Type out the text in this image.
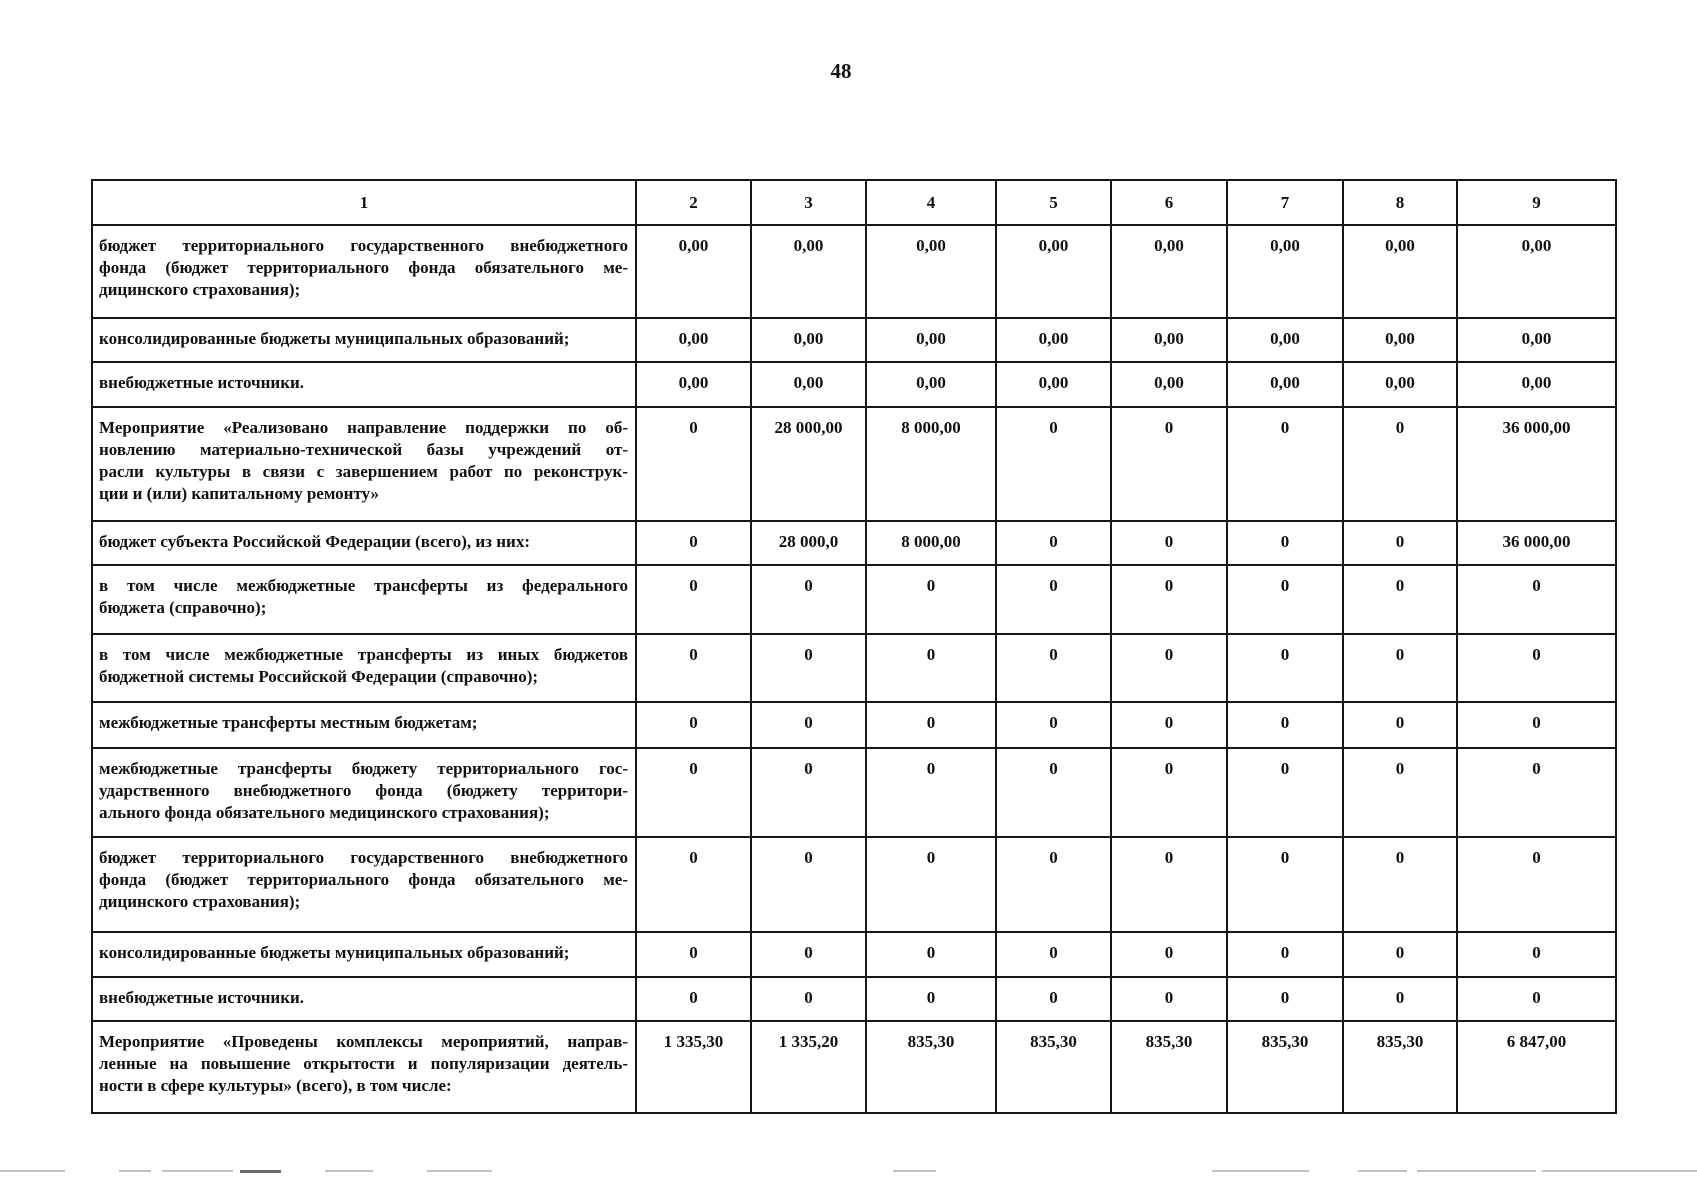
48
1	2	3	4	5	6	7	8	9

бюджет территориального государственного внебюджетного
фонда (бюджет территориального фонда обязательного ме-
дицинского страхования);	0,00	0,00	0,00	0,00	0,00	0,00	0,00	0,00

консолидированные бюджеты муниципальных образований;	0,00	0,00	0,00	0,00	0,00	0,00	0,00	0,00

внебюджетные источники.	0,00	0,00	0,00	0,00	0,00	0,00	0,00	0,00

Мероприятие «Реализовано направление поддержки по об-
новлению материально-технической базы учреждений от-
расли культуры в связи с завершением работ по реконструк-
ции и (или) капитальному ремонту»	0	28 000,00	8 000,00	0	0	0	0	36 000,00

бюджет субъекта Российской Федерации (всего), из них:	0	28 000,0	8 000,00	0	0	0	0	36 000,00

в том числе межбюджетные трансферты из федерального
бюджета (справочно);	0	0	0	0	0	0	0	0

в том числе межбюджетные трансферты из иных бюджетов
бюджетной системы Российской Федерации (справочно);	0	0	0	0	0	0	0	0

межбюджетные трансферты местным бюджетам;	0	0	0	0	0	0	0	0

межбюджетные трансферты бюджету территориального гос-
ударственного внебюджетного фонда (бюджету территори-
ального фонда обязательного медицинского страхования);	0	0	0	0	0	0	0	0

бюджет территориального государственного внебюджетного
фонда (бюджет территориального фонда обязательного ме-
дицинского страхования);	0	0	0	0	0	0	0	0

консолидированные бюджеты муниципальных образований;	0	0	0	0	0	0	0	0

внебюджетные источники.	0	0	0	0	0	0	0	0

Мероприятие «Проведены комплексы мероприятий, направ-
ленные на повышение открытости и популяризации деятель-
ности в сфере культуры» (всего), в том числе:	1 335,30	1 335,20	835,30	835,30	835,30	835,30	835,30	6 847,00
